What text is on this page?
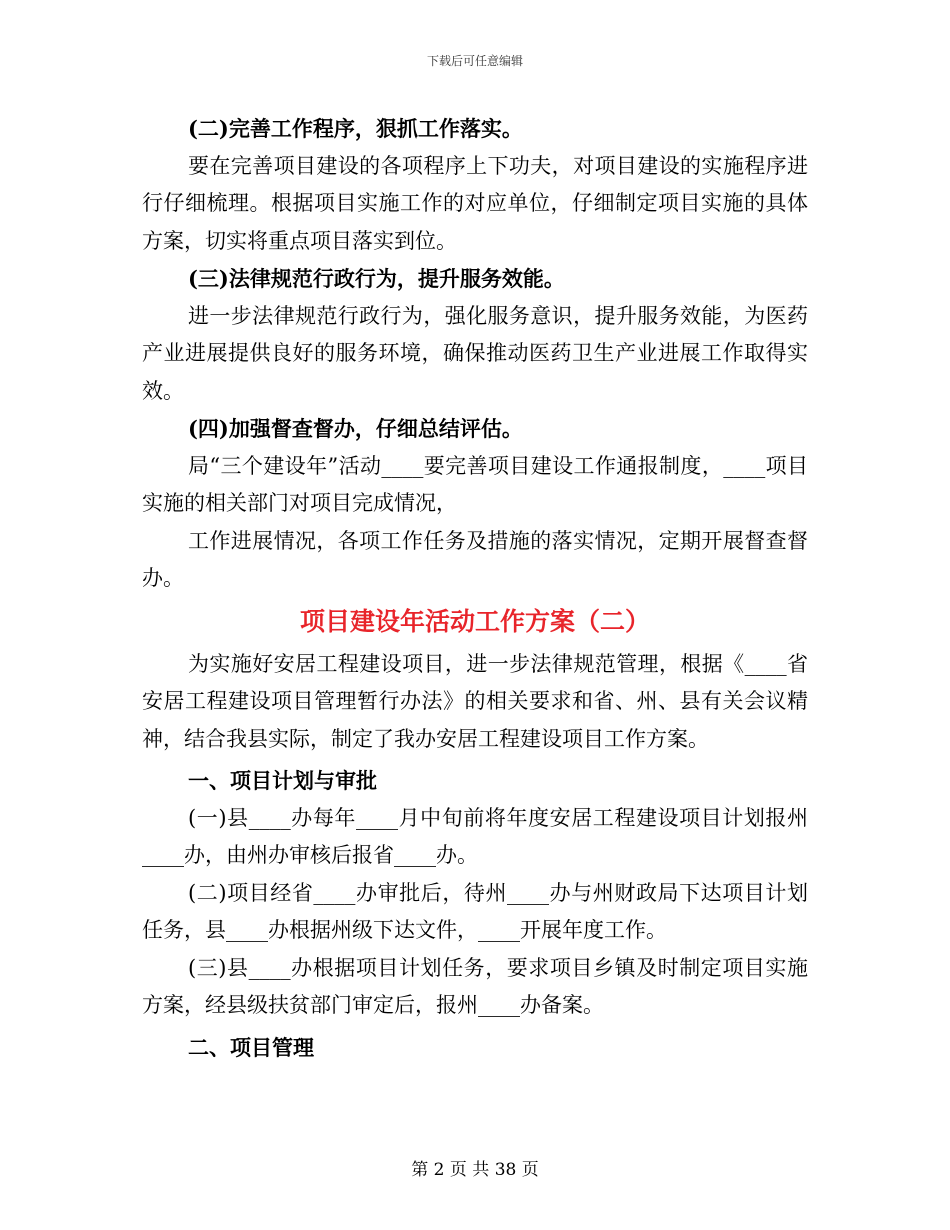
下载后可任意编辑

(二)完善工作程序，狠抓工作落实。

要在完善项目建设的各项程序上下功夫，对项目建设的实施程序进行仔细梳理。根据项目实施工作的对应单位，仔细制定项目实施的具体方案，切实将重点项目落实到位。

(三)法律规范行政行为，提升服务效能。

进一步法律规范行政行为，强化服务意识，提升服务效能，为医药产业进展提供良好的服务环境，确保推动医药卫生产业进展工作取得实效。

(四)加强督查督办，仔细总结评估。

局“三个建设年”活动____要完善项目建设工作通报制度，____项目实施的相关部门对项目完成情况，

工作进展情况，各项工作任务及措施的落实情况，定期开展督查督办。

项目建设年活动工作方案（二）

为实施好安居工程建设项目，进一步法律规范管理，根据《____省安居工程建设项目管理暂行办法》的相关要求和省、州、县有关会议精神，结合我县实际，制定了我办安居工程建设项目工作方案。

一、项目计划与审批

(一)县____办每年____月中旬前将年度安居工程建设项目计划报州____办，由州办审核后报省____办。

(二)项目经省____办审批后，待州____办与州财政局下达项目计划任务，县____办根据州级下达文件，____开展年度工作。

(三)县____办根据项目计划任务，要求项目乡镇及时制定项目实施方案，经县级扶贫部门审定后，报州____办备案。

二、项目管理

第 2 页 共 38 页
